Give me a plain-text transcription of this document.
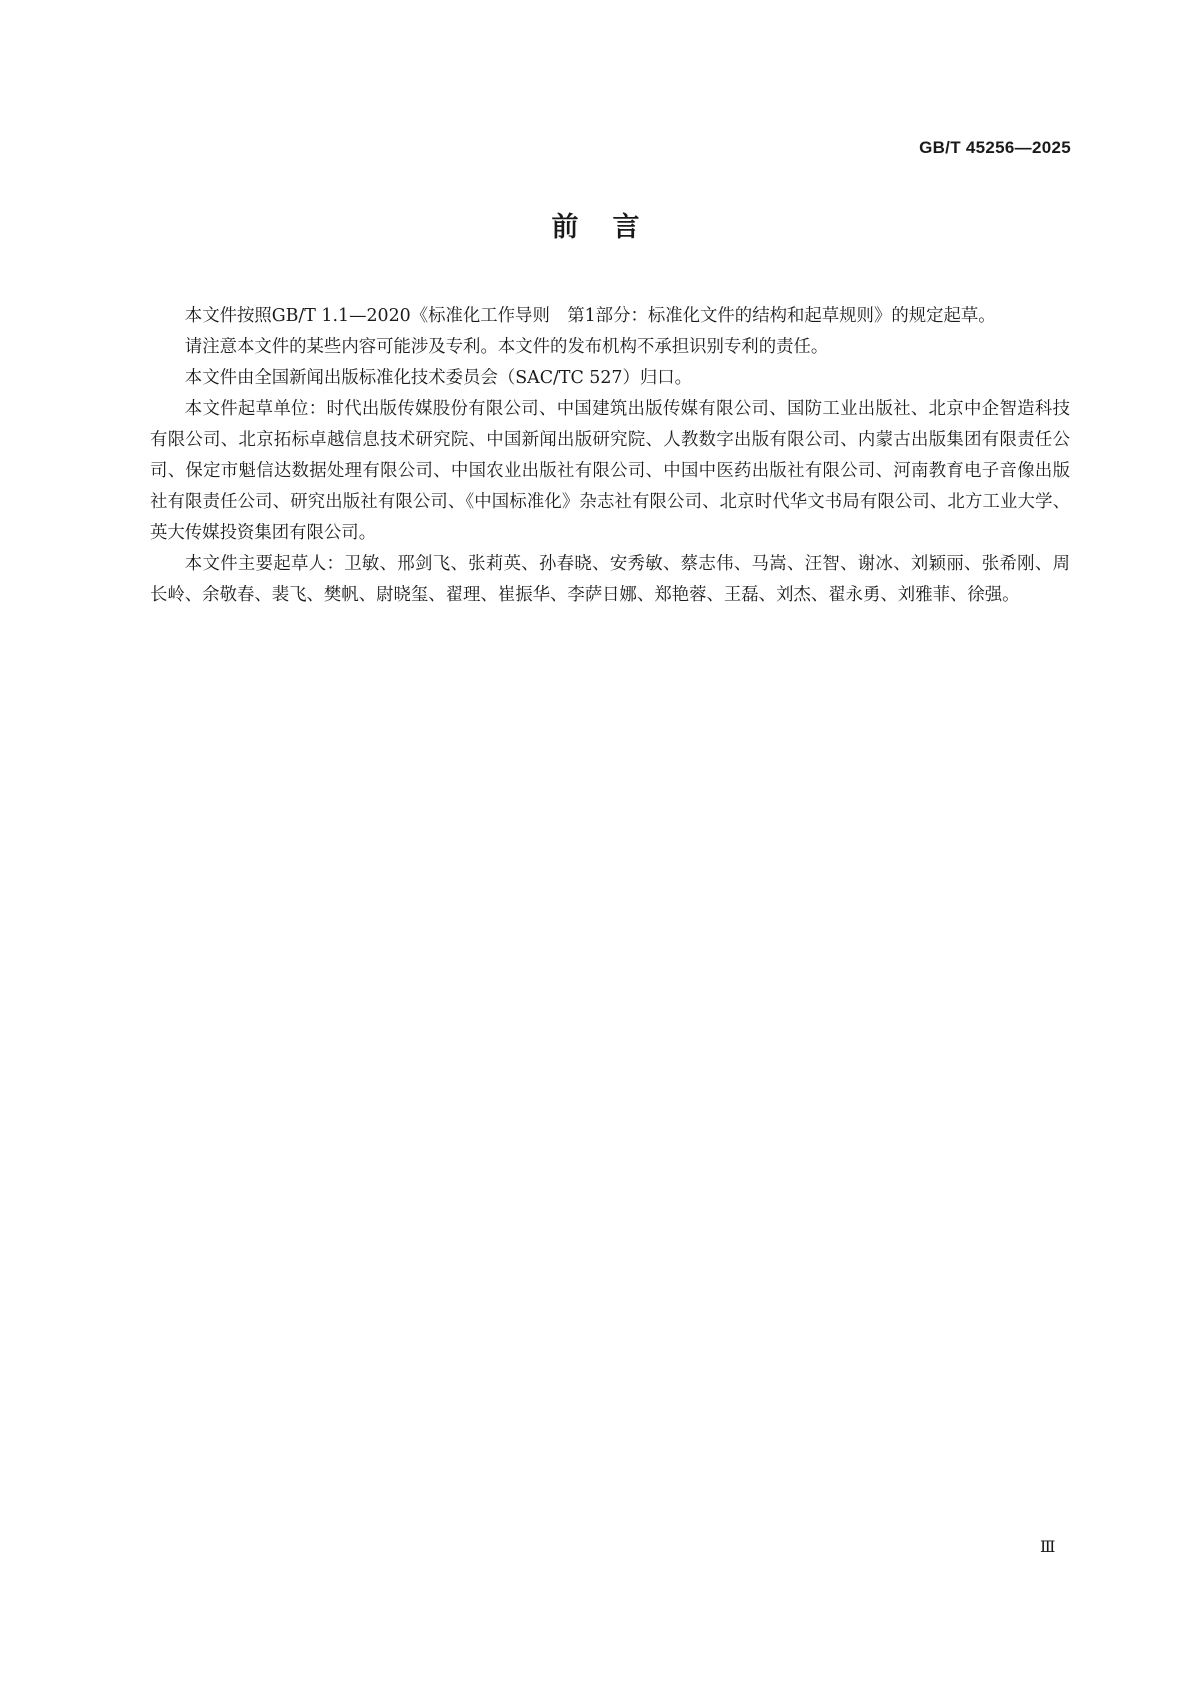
GB/T 45256—2025
前言

本文件按照GB/T 1.1—2020《标准化工作导则　第1部分：标准化文件的结构和起草规则》的规定起草。

请注意本文件的某些内容可能涉及专利。本文件的发布机构不承担识别专利的责任。

本文件由全国新闻出版标准化技术委员会（SAC/TC 527）归口。

本文件起草单位：时代出版传媒股份有限公司、中国建筑出版传媒有限公司、国防工业出版社、北京中企智造科技有限公司、北京拓标卓越信息技术研究院、中国新闻出版研究院、人教数字出版有限公司、内蒙古出版集团有限责任公司、保定市魁信达数据处理有限公司、中国农业出版社有限公司、中国中医药出版社有限公司、河南教育电子音像出版社有限责任公司、研究出版社有限公司、《中国标准化》杂志社有限公司、北京时代华文书局有限公司、北方工业大学、英大传媒投资集团有限公司。

本文件主要起草人：卫敏、邢剑飞、张莉英、孙春晓、安秀敏、蔡志伟、马嵩、汪智、谢冰、刘颖丽、张希刚、周长岭、余敬春、裴飞、樊帆、尉晓玺、翟理、崔振华、李萨日娜、郑艳蓉、王磊、刘杰、翟永勇、刘雅菲、徐强。

Ⅲ
